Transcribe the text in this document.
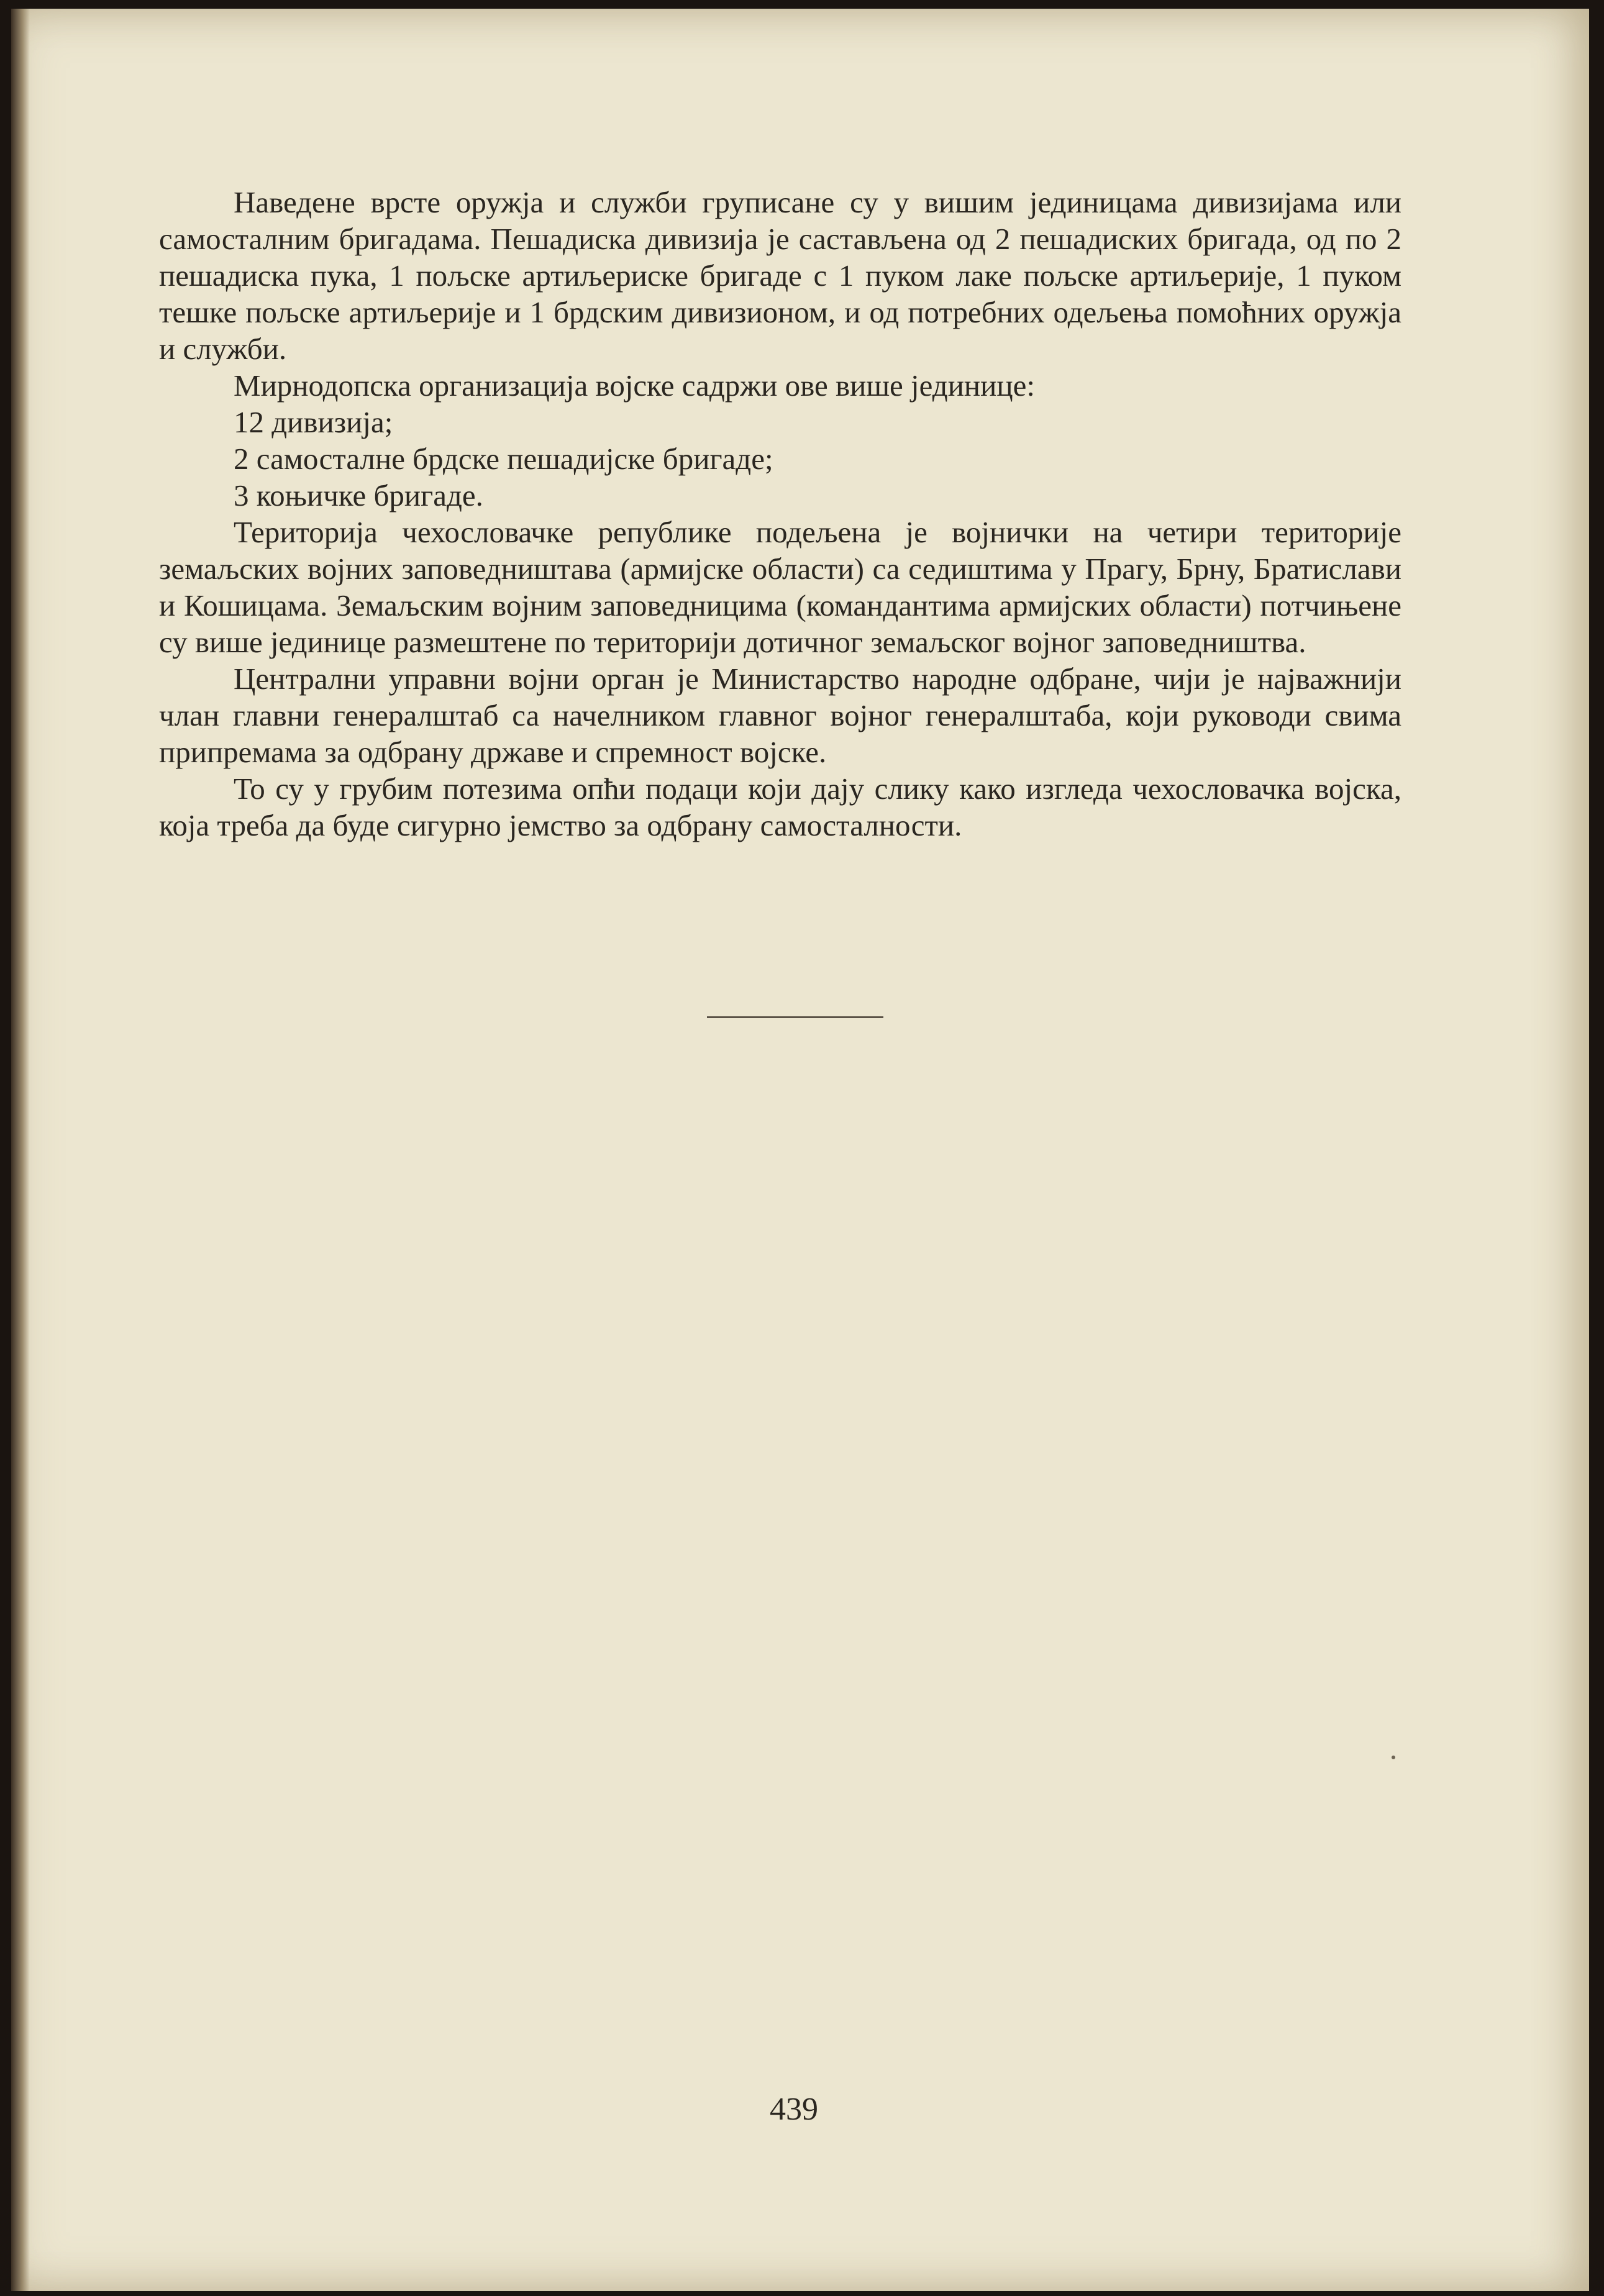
Наведене врсте оружја и служби груписане су у вишим јединицама дивизијама или самосталним бригадама. Пешадиска дивизија је састављена од 2 пешадиских бригада, од по 2 пешадиска пука, 1 пољске артиљериске бригаде с 1 пуком лаке пољске артиљерије, 1 пуком тешке пољске артиљерије и 1 брдским дивизионом, и од потребних одељења помоћних оружја и служби.

Мирнодопска организација војске садржи ове више јединице:

12 дивизија;

2 самосталне брдске пешадијске бригаде;

3 коњичке бригаде.

Територија чехословачке републике подељена је војнички на четири територије земаљских војних заповедништава (армијске области) са седиштима у Прагу, Брну, Братислави и Кошицама. Земаљским војним заповедницима (командантима армијских области) потчињене су више јединице размештене по територији дотичног земаљског војног заповедништва.

Централни управни војни орган је Министарство народне одбране, чији је најважнији члан главни генералштаб са начелником главног војног генералштаба, који руководи свима припремама за одбрану државе и спремност војске.

То су у грубим потезима опћи подаци који дају слику како изгледа чехословачка војска, која треба да буде сигурно јемство за одбрану самосталности.

439
